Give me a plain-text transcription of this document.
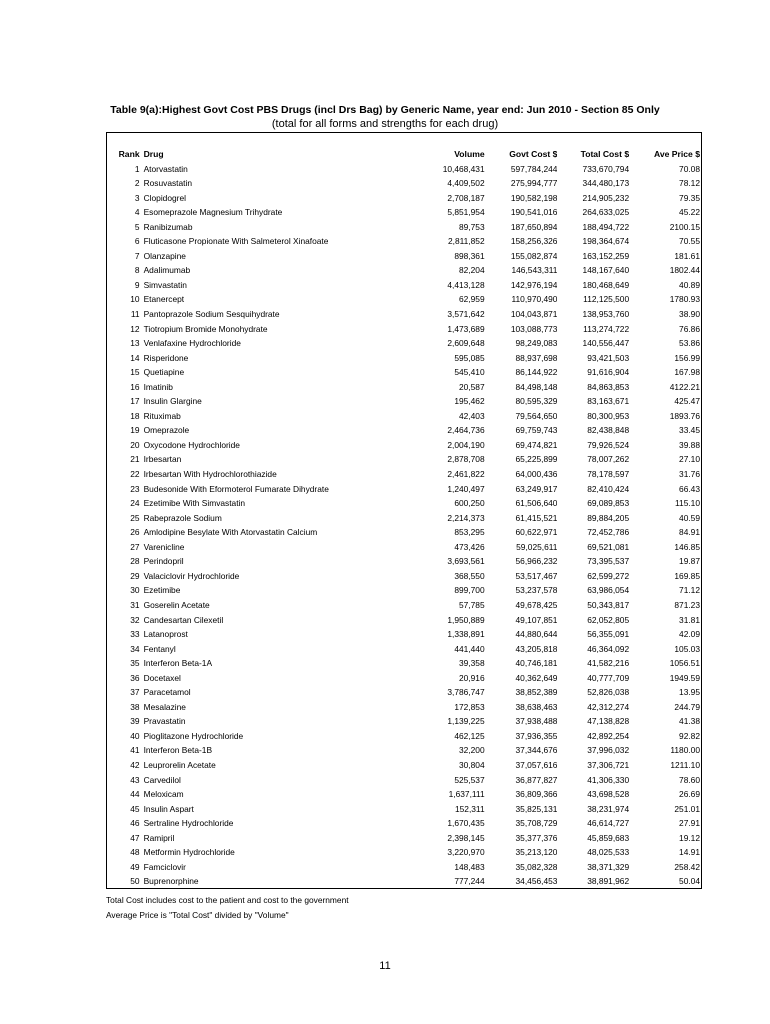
Table 9(a):Highest Govt Cost PBS Drugs (incl Drs Bag) by Generic Name, year end: Jun 2010 - Section 85 Only
(total for all forms and strengths for each drug)
Rank	Drug	Volume	Govt Cost $	Total Cost $	Ave Price $
1	Atorvastatin	10,468,431	597,784,244	733,670,794	70.08
2	Rosuvastatin	4,409,502	275,994,777	344,480,173	78.12
3	Clopidogrel	2,708,187	190,582,198	214,905,232	79.35
4	Esomeprazole Magnesium Trihydrate	5,851,954	190,541,016	264,633,025	45.22
5	Ranibizumab	89,753	187,650,894	188,494,722	2100.15
6	Fluticasone Propionate With Salmeterol Xinafoate	2,811,852	158,256,326	198,364,674	70.55
7	Olanzapine	898,361	155,082,874	163,152,259	181.61
8	Adalimumab	82,204	146,543,311	148,167,640	1802.44
9	Simvastatin	4,413,128	142,976,194	180,468,649	40.89
10	Etanercept	62,959	110,970,490	112,125,500	1780.93
11	Pantoprazole Sodium Sesquihydrate	3,571,642	104,043,871	138,953,760	38.90
12	Tiotropium Bromide Monohydrate	1,473,689	103,088,773	113,274,722	76.86
13	Venlafaxine Hydrochloride	2,609,648	98,249,083	140,556,447	53.86
14	Risperidone	595,085	88,937,698	93,421,503	156.99
15	Quetiapine	545,410	86,144,922	91,616,904	167.98
16	Imatinib	20,587	84,498,148	84,863,853	4122.21
17	Insulin Glargine	195,462	80,595,329	83,163,671	425.47
18	Rituximab	42,403	79,564,650	80,300,953	1893.76
19	Omeprazole	2,464,736	69,759,743	82,438,848	33.45
20	Oxycodone Hydrochloride	2,004,190	69,474,821	79,926,524	39.88
21	Irbesartan	2,878,708	65,225,899	78,007,262	27.10
22	Irbesartan With Hydrochlorothiazide	2,461,822	64,000,436	78,178,597	31.76
23	Budesonide With Eformoterol Fumarate Dihydrate	1,240,497	63,249,917	82,410,424	66.43
24	Ezetimibe With Simvastatin	600,250	61,506,640	69,089,853	115.10
25	Rabeprazole Sodium	2,214,373	61,415,521	89,884,205	40.59
26	Amlodipine Besylate With Atorvastatin Calcium	853,295	60,622,971	72,452,786	84.91
27	Varenicline	473,426	59,025,611	69,521,081	146.85
28	Perindopril	3,693,561	56,966,232	73,395,537	19.87
29	Valaciclovir Hydrochloride	368,550	53,517,467	62,599,272	169.85
30	Ezetimibe	899,700	53,237,578	63,986,054	71.12
31	Goserelin Acetate	57,785	49,678,425	50,343,817	871.23
32	Candesartan Cilexetil	1,950,889	49,107,851	62,052,805	31.81
33	Latanoprost	1,338,891	44,880,644	56,355,091	42.09
34	Fentanyl	441,440	43,205,818	46,364,092	105.03
35	Interferon Beta-1A	39,358	40,746,181	41,582,216	1056.51
36	Docetaxel	20,916	40,362,649	40,777,709	1949.59
37	Paracetamol	3,786,747	38,852,389	52,826,038	13.95
38	Mesalazine	172,853	38,638,463	42,312,274	244.79
39	Pravastatin	1,139,225	37,938,488	47,138,828	41.38
40	Pioglitazone Hydrochloride	462,125	37,936,355	42,892,254	92.82
41	Interferon Beta-1B	32,200	37,344,676	37,996,032	1180.00
42	Leuprorelin Acetate	30,804	37,057,616	37,306,721	1211.10
43	Carvedilol	525,537	36,877,827	41,306,330	78.60
44	Meloxicam	1,637,111	36,809,366	43,698,528	26.69
45	Insulin Aspart	152,311	35,825,131	38,231,974	251.01
46	Sertraline Hydrochloride	1,670,435	35,708,729	46,614,727	27.91
47	Ramipril	2,398,145	35,377,376	45,859,683	19.12
48	Metformin Hydrochloride	3,220,970	35,213,120	48,025,533	14.91
49	Famciclovir	148,483	35,082,328	38,371,329	258.42
50	Buprenorphine	777,244	34,456,453	38,891,962	50.04
Total Cost includes cost to the patient and cost to the government
Average Price is "Total Cost" divided by "Volume"
11
